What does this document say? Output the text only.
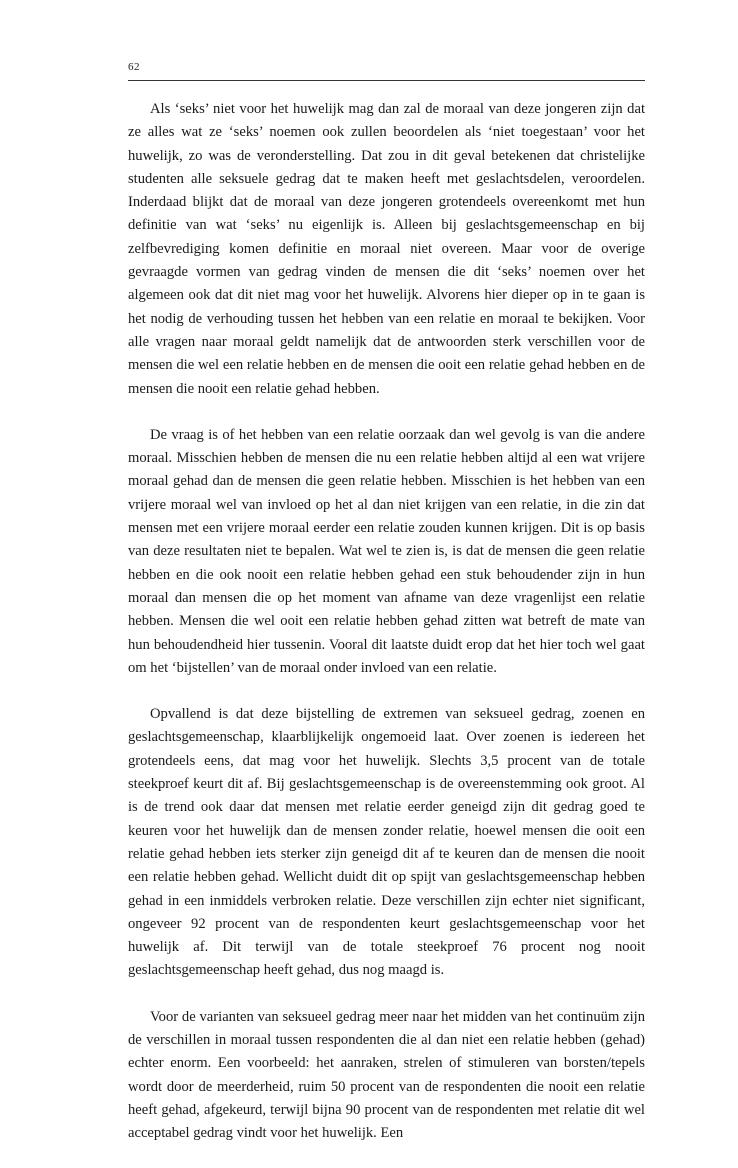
62

Als ‘seks’ niet voor het huwelijk mag dan zal de moraal van deze jongeren zijn dat ze alles wat ze ‘seks’ noemen ook zullen beoordelen als ‘niet toegestaan’ voor het huwelijk, zo was de veronderstelling. Dat zou in dit geval betekenen dat christelijke studenten alle seksuele gedrag dat te maken heeft met geslachtsdelen, veroordelen. Inderdaad blijkt dat de moraal van deze jongeren grotendeels overeenkomt met hun definitie van wat ‘seks’ nu eigenlijk is. Alleen bij geslachtsgemeenschap en bij zelfbevrediging komen definitie en moraal niet overeen. Maar voor de overige gevraagde vormen van gedrag vinden de mensen die dit ‘seks’ noemen over het algemeen ook dat dit niet mag voor het huwelijk. Alvorens hier dieper op in te gaan is het nodig de verhouding tussen het hebben van een relatie en moraal te bekijken. Voor alle vragen naar moraal geldt namelijk dat de antwoorden sterk verschillen voor de mensen die wel een relatie hebben en de mensen die ooit een relatie gehad hebben en de mensen die nooit een relatie gehad hebben.

De vraag is of het hebben van een relatie oorzaak dan wel gevolg is van die andere moraal. Misschien hebben de mensen die nu een relatie hebben altijd al een wat vrijere moraal gehad dan de mensen die geen relatie hebben. Misschien is het hebben van een vrijere moraal wel van invloed op het al dan niet krijgen van een relatie, in die zin dat mensen met een vrijere moraal eerder een relatie zouden kunnen krijgen. Dit is op basis van deze resultaten niet te bepalen. Wat wel te zien is, is dat de mensen die geen relatie hebben en die ook nooit een relatie hebben gehad een stuk behoudender zijn in hun moraal dan mensen die op het moment van afname van deze vragenlijst een relatie hebben. Mensen die wel ooit een relatie hebben gehad zitten wat betreft de mate van hun behoudendheid hier tussenin. Vooral dit laatste duidt erop dat het hier toch wel gaat om het ‘bijstellen’ van de moraal onder invloed van een relatie.

Opvallend is dat deze bijstelling de extremen van seksueel gedrag, zoenen en geslachtsgemeenschap, klaarblijkelijk ongemoeid laat. Over zoenen is iedereen het grotendeels eens, dat mag voor het huwelijk. Slechts 3,5 procent van de totale steekproef keurt dit af. Bij geslachtsgemeenschap is de overeenstemming ook groot. Al is de trend ook daar dat mensen met relatie eerder geneigd zijn dit gedrag goed te keuren voor het huwelijk dan de mensen zonder relatie, hoewel mensen die ooit een relatie gehad hebben iets sterker zijn geneigd dit af te keuren dan de mensen die nooit een relatie hebben gehad. Wellicht duidt dit op spijt van geslachtsgemeenschap hebben gehad in een inmiddels verbroken relatie. Deze verschillen zijn echter niet significant, ongeveer 92 procent van de respondenten keurt geslachtsgemeenschap voor het huwelijk af. Dit terwijl van de totale steekproef 76 procent nog nooit geslachtsgemeenschap heeft gehad, dus nog maagd is.

Voor de varianten van seksueel gedrag meer naar het midden van het continuüm zijn de verschillen in moraal tussen respondenten die al dan niet een relatie hebben (gehad) echter enorm. Een voorbeeld: het aanraken, strelen of stimuleren van borsten/tepels wordt door de meerderheid, ruim 50 procent van de respondenten die nooit een relatie heeft gehad, afgekeurd, terwijl bijna 90 procent van de respondenten met relatie dit wel acceptabel gedrag vindt voor het huwelijk. Een
